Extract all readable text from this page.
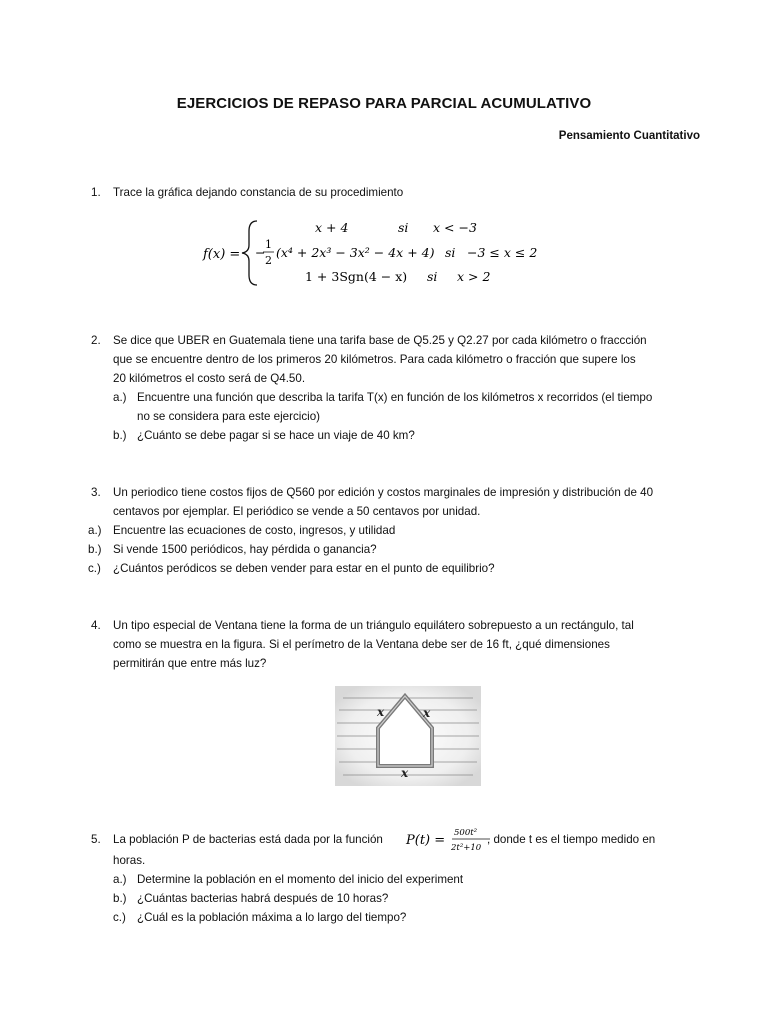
EJERCICIOS DE REPASO PARA PARCIAL ACUMULATIVO
Pensamiento Cuantitativo
1. Trace la gráfica dejando constancia de su procedimiento
f(x) =
x + 4	si x < −3
−
1
2
(x⁴ + 2x³ − 3x² − 4x + 4) si −3 ≤ x ≤ 2
1 + 3Sgn(4 − x) si x > 2
2. Se dice que UBER en Guatemala tiene una tarifa base de Q5.25 y Q2.27 por cada kilómetro o fraccción
que se encuentre dentro de los primeros 20 kilómetros. Para cada kilómetro o fracción que supere los
20 kilómetros el costo será de Q4.50.
a.) Encuentre una función que describa la tarifa T(x) en función de los kilómetros x recorridos (el tiempo
no se considera para este ejercicio)
b.) ¿Cuánto se debe pagar si se hace un viaje de 40 km?
3. Un periodico tiene costos fijos de Q560 por edición y costos marginales de impresión y distribución de 40
centavos por ejemplar. El periódico se vende a 50 centavos por unidad.
a.) Encuentre las ecuaciones de costo, ingresos, y utilidad
b.) Si vende 1500 periódicos, hay pérdida o ganancia?
c.) ¿Cuántos peródicos se deben vender para estar en el punto de equilibrio?
4. Un tipo especial de Ventana tiene la forma de un triángulo equilátero sobrepuesto a un rectángulo, tal
como se muestra en la figura. Si el perímetro de la Ventana debe ser de 16 ft, ¿qué dimensiones
permitirán que entre más luz?
x	x
x
5. La población P de bacterias está dada por la función P(t) = 500t²
2t²+10
, donde t es el tiempo medido en
horas.
a.) Determine la población en el momento del inicio del experiment
b.) ¿Cuántas bacterias habrá después de 10 horas?
c.) ¿Cuál es la población máxima a lo largo del tiempo?
